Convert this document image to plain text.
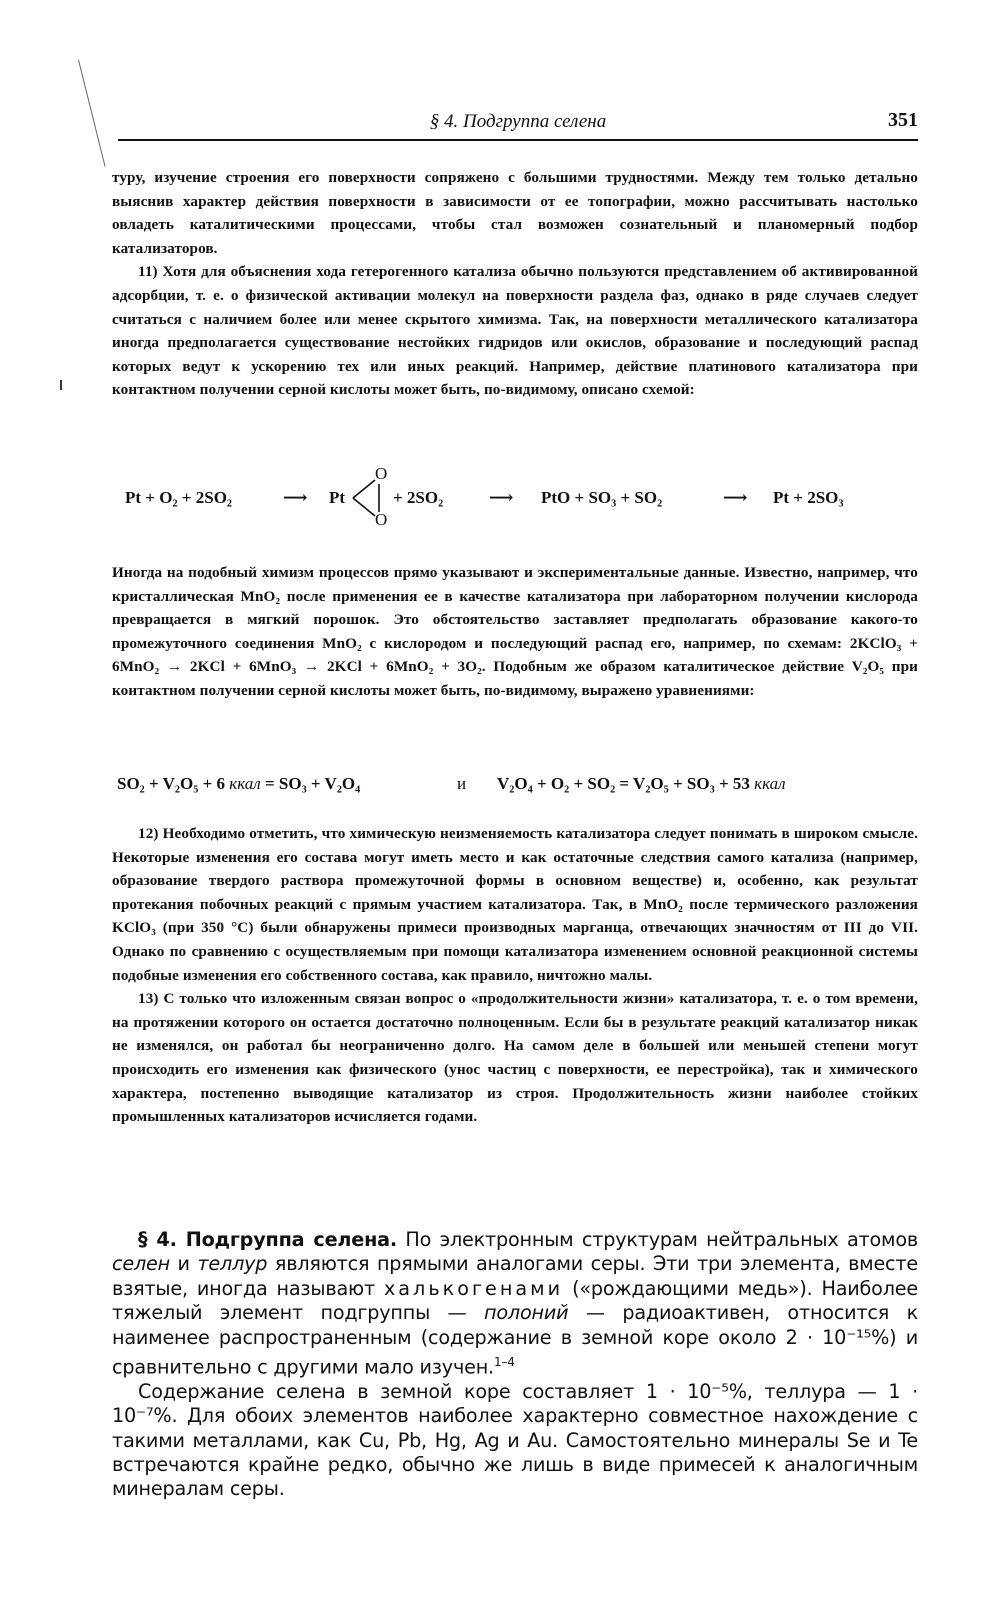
§ 4. Подгруппа селена	351

туру, изучение строения его поверхности сопряжено с большими трудностями. Между тем только детально выяснив характер действия поверхности в зависимости от ее топографии, можно рассчитывать настолько овладеть каталитическими процессами, чтобы стал возможен сознательный и планомерный подбор катализаторов.

11) Хотя для объяснения хода гетерогенного катализа обычно пользуются представлением об активированной адсорбции, т. е. о физической активации молекул на поверхности раздела фаз, однако в ряде случаев следует считаться с наличием более или менее скрытого химизма. Так, на поверхности металлического катализатора иногда предполагается существование нестойких гидридов или окислов, образование и последующий распад которых ведут к ускорению тех или иных реакций. Например, действие платинового катализатора при контактном получении серной кислоты может быть, по-видимому, описано схемой:

Pt + O₂ + 2SO₂	⟶ Pt
O
O
+ 2SO₂	⟶ PtO + SO₃ + SO₂	⟶ Pt + 2SO₃

Иногда на подобный химизм процессов прямо указывают и экспериментальные данные. Известно, например, что кристаллическая MnO₂ после применения ее в качестве катализатора при лабораторном получении кислорода превращается в мягкий порошок. Это обстоятельство заставляет предполагать образование какого-то промежуточного соединения MnO₂ с кислородом и последующий распад его, например, по схемам: 2KClO₃ + 6MnO₂ → 2KCl + 6MnO₃ → 2KCl + 6MnO₂ + 3O₂. Подобным же образом каталитическое действие V₂O₅ при контактном получении серной кислоты может быть, по-видимому, выражено уравнениями:

SO₂ + V₂O₅ + 6 ккал = SO₃ + V₂O₄	и V₂O₄ + O₂ + SO₂ = V₂O₅ + SO₃ + 53 ккал

12) Необходимо отметить, что химическую неизменяемость катализатора следует понимать в широком смысле. Некоторые изменения его состава могут иметь место и как остаточные следствия самого катализа (например, образование твердого раствора промежуточной формы в основном веществе) и, особенно, как результат протекания побочных реакций с прямым участием катализатора. Так, в MnO₂ после термического разложения KClO₃ (при 350 °С) были обнаружены примеси производных марганца, отвечающих значностям от III до VII. Однако по сравнению с осуществляемым при помощи катализатора изменением основной реакционной системы подобные изменения его собственного состава, как правило, ничтожно малы.

13) С только что изложенным связан вопрос о «продолжительности жизни» катализатора, т. е. о том времени, на протяжении которого он остается достаточно полноценным. Если бы в результате реакций катализатор никак не изменялся, он работал бы неограниченно долго. На самом деле в большей или меньшей степени могут происходить его изменения как физического (унос частиц с поверхности, ее перестройка), так и химического характера, постепенно выводящие катализатор из строя. Продолжительность жизни наиболее стойких промышленных катализаторов исчисляется годами.

§ 4. Подгруппа селена. По электронным структурам нейтральных атомов селен и теллур являются прямыми аналогами серы. Эти три элемента, вместе взятые, иногда называют халькогенами («рождающими медь»). Наиболее тяжелый элемент подгруппы — полоний — радиоактивен, относится к наименее распространенным (содержание в земной коре около 2 · 10⁻¹⁵%) и сравнительно с другими мало изучен.$^{1-4}$

Содержание селена в земной коре составляет 1 · 10⁻⁵%, теллура — 1 · 10⁻⁷%. Для обоих элементов наиболее характерно совместное нахождение с такими металлами, как Cu, Pb, Hg, Ag и Au. Самостоятельно минералы Se и Te встречаются крайне редко, обычно же лишь в виде примесей к аналогичным минералам серы.
